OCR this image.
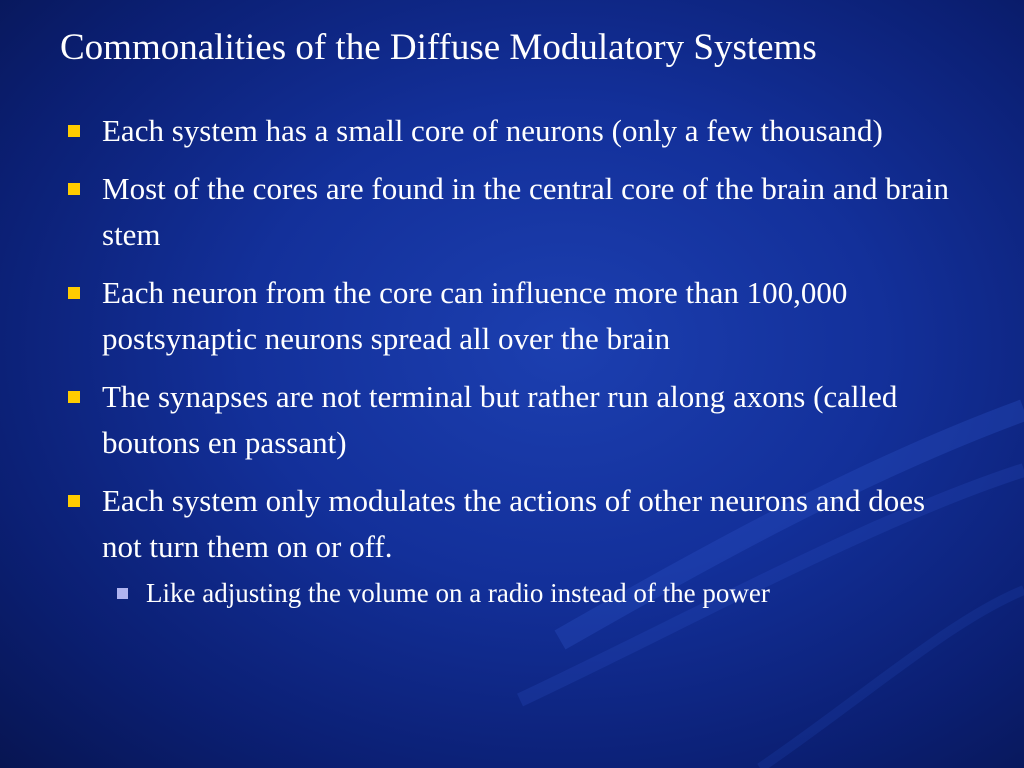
Commonalities of the Diffuse Modulatory Systems
Each system has a small core of neurons (only a few thousand)
Most of the cores are found in the central core of the brain and brain stem
Each neuron from the core can influence more than 100,000 postsynaptic neurons spread all over the brain
The synapses are not terminal but rather run along axons (called boutons en passant)
Each system only modulates the actions of other neurons and does not turn them on or off.
Like adjusting the volume on a radio instead of the power
